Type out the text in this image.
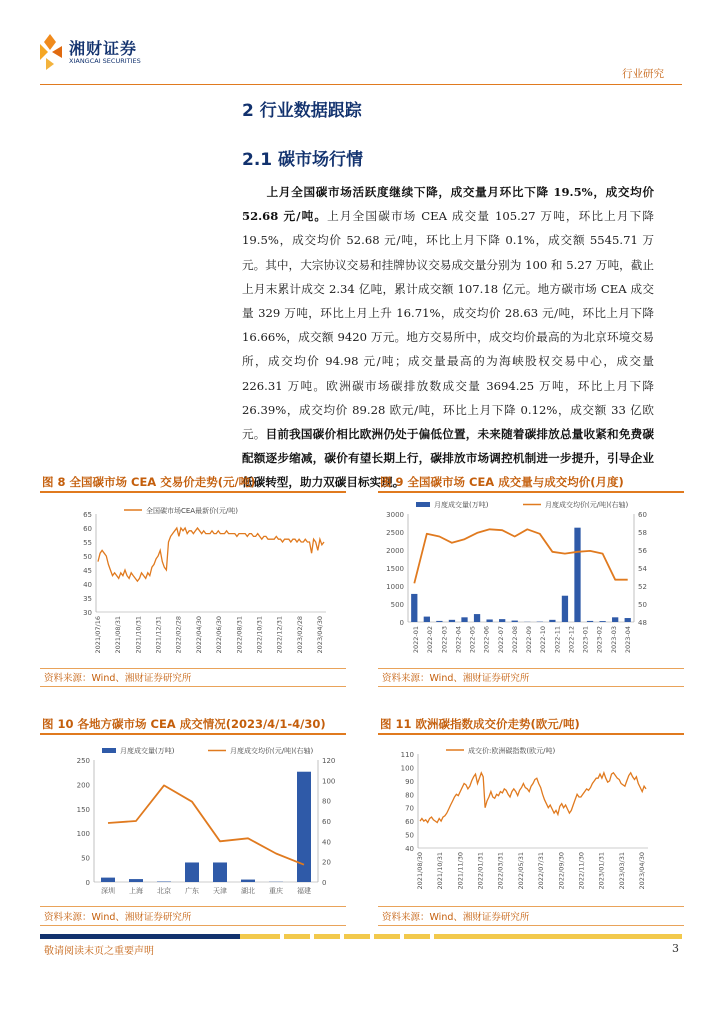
湘财证券
XIANGCAI SECURITIES
行业研究
2 行业数据跟踪
2.1 碳市场行情
上月全国碳市场活跃度继续下降，成交量月环比下降 19.5%，成交均价 52.68 元/吨。上月全国碳市场 CEA 成交量 105.27 万吨，环比上月下降 19.5%，成交均价 52.68 元/吨，环比上月下降 0.1%，成交额 5545.71 万元。其中，大宗协议交易和挂牌协议交易成交量分别为 100 和 5.27 万吨，截止上月末累计成交 2.34 亿吨，累计成交额 107.18 亿元。地方碳市场 CEA 成交量 329 万吨，环比上月上升 16.71%，成交均价 28.63 元/吨，环比上月下降 16.66%，成交额 9420 万元。地方交易所中，成交均价最高的为北京环境交易所，成交均价 94.98 元/吨；成交量最高的为海峡股权交易中心，成交量 226.31 万吨。欧洲碳市场碳排放数成交量 3694.25 万吨，环比上月下降 26.39%，成交均价 89.28 欧元/吨，环比上月下降 0.12%，成交额 33 亿欧元。目前我国碳价相比欧洲仍处于偏低位置，未来随着碳排放总量收紧和免费碳配额逐步缩减，碳价有望长期上行，碳排放市场调控机制进一步提升，引导企业低碳转型，助力双碳目标实现。
图 8 全国碳市场 CEA 交易价走势(元/吨)
30
35
40
45
50
55
60
65
2021/07/16 2021/08/31 2021/10/31 2021/12/31 2022/02/28 2022/04/30 2022/06/30 2022/08/31 2022/10/31 2022/12/31 2023/02/28 2023/04/30
全国碳市场CEA最新价(元/吨)
资料来源：Wind、湘财证券研究所
图 9 全国碳市场 CEA 成交量与成交均价(月度)
0
500
1000
1500
2000
2500
3000
48
50
52
54
56
58
60
2022-01 2022-02 2022-03 2022-04 2022-05 2022-06 2022-07 2022-08 2022-09 2022-10 2022-11 2022-12 2023-01 2023-02 2023-03 2023-04
月度成交量(万吨)	月度成交均价(元/吨)(右轴)
资料来源：Wind、湘财证券研究所
图 10 各地方碳市场 CEA 成交情况(2023/4/1-4/30)
0
50
100
150
200
250
0
20
40
60
80
100
120
深圳 上海 北京 广东 天津 湖北 重庆 福建
月度成交量(万吨)	月度成交均价(元/吨)(右轴)
资料来源：Wind、湘财证券研究所
图 11 欧洲碳指数成交价走势(欧元/吨)
40
50
60
70
80
90
100
110
2021/08/30 2021/10/31 2021/11/30 2022/01/31 2022/03/31 2022/05/31 2022/07/31 2022/09/30 2022/11/30 2023/01/31 2023/03/31 2023/04/30
成交价:欧洲碳指数(欧元/吨)
资料来源：Wind、湘财证券研究所
敬请阅读末页之重要声明	3
